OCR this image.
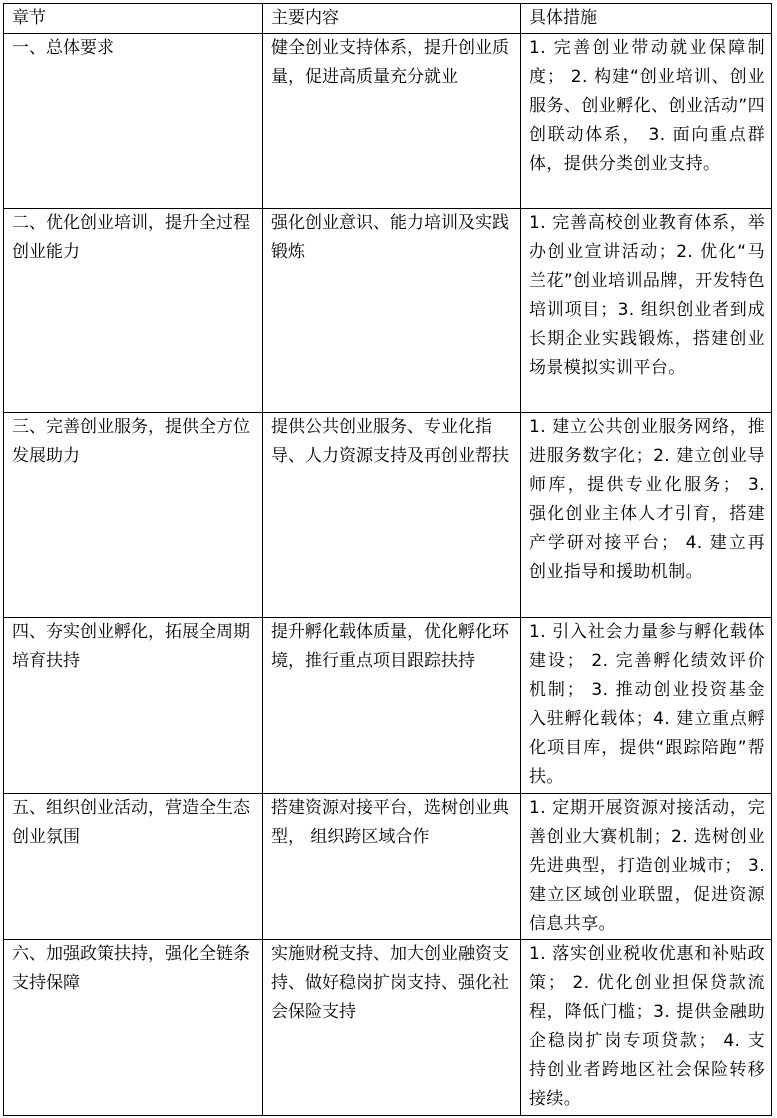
章节	主要内容	具体措施
一、总体要求	健全创业支持体系，提升创业质量，促进高质量充分就业	1. 完善创业带动就业保障制度； 2. 构建“创业培训、创业服务、创业孵化、创业活动”四创联动体系， 3. 面向重点群体，提供分类创业支持。
二、优化创业培训，提升全过程创业能力	强化创业意识、能力培训及实践锻炼	1. 完善高校创业教育体系，举办创业宣讲活动；2. 优化“马兰花”创业培训品牌，开发特色培训项目；3. 组织创业者到成长期企业实践锻炼，搭建创业场景模拟实训平台。
三、完善创业服务，提供全方位发展助力	提供公共创业服务、专业化指导、人力资源支持及再创业帮扶	1. 建立公共创业服务网络，推进服务数字化；2. 建立创业导师库，提供专业化服务； 3. 强化创业主体人才引育，搭建产学研对接平台； 4. 建立再创业指导和援助机制。
四、夯实创业孵化，拓展全周期培育扶持	提升孵化载体质量，优化孵化环境，推行重点项目跟踪扶持	1. 引入社会力量参与孵化载体建设； 2. 完善孵化绩效评价机制； 3. 推动创业投资基金入驻孵化载体；4. 建立重点孵化项目库，提供“跟踪陪跑”帮扶。
五、组织创业活动，营造全生态创业氛围	搭建资源对接平台，选树创业典型， 组织跨区域合作	1. 定期开展资源对接活动，完善创业大赛机制；2. 选树创业先进典型，打造创业城市； 3. 建立区域创业联盟，促进资源信息共享。
六、加强政策扶持，强化全链条支持保障	实施财税支持、加大创业融资支持、做好稳岗扩岗支持、强化社会保险支持	1. 落实创业税收优惠和补贴政策； 2. 优化创业担保贷款流程，降低门槛；3. 提供金融助企稳岗扩岗专项贷款； 4. 支持创业者跨地区社会保险转移接续。
